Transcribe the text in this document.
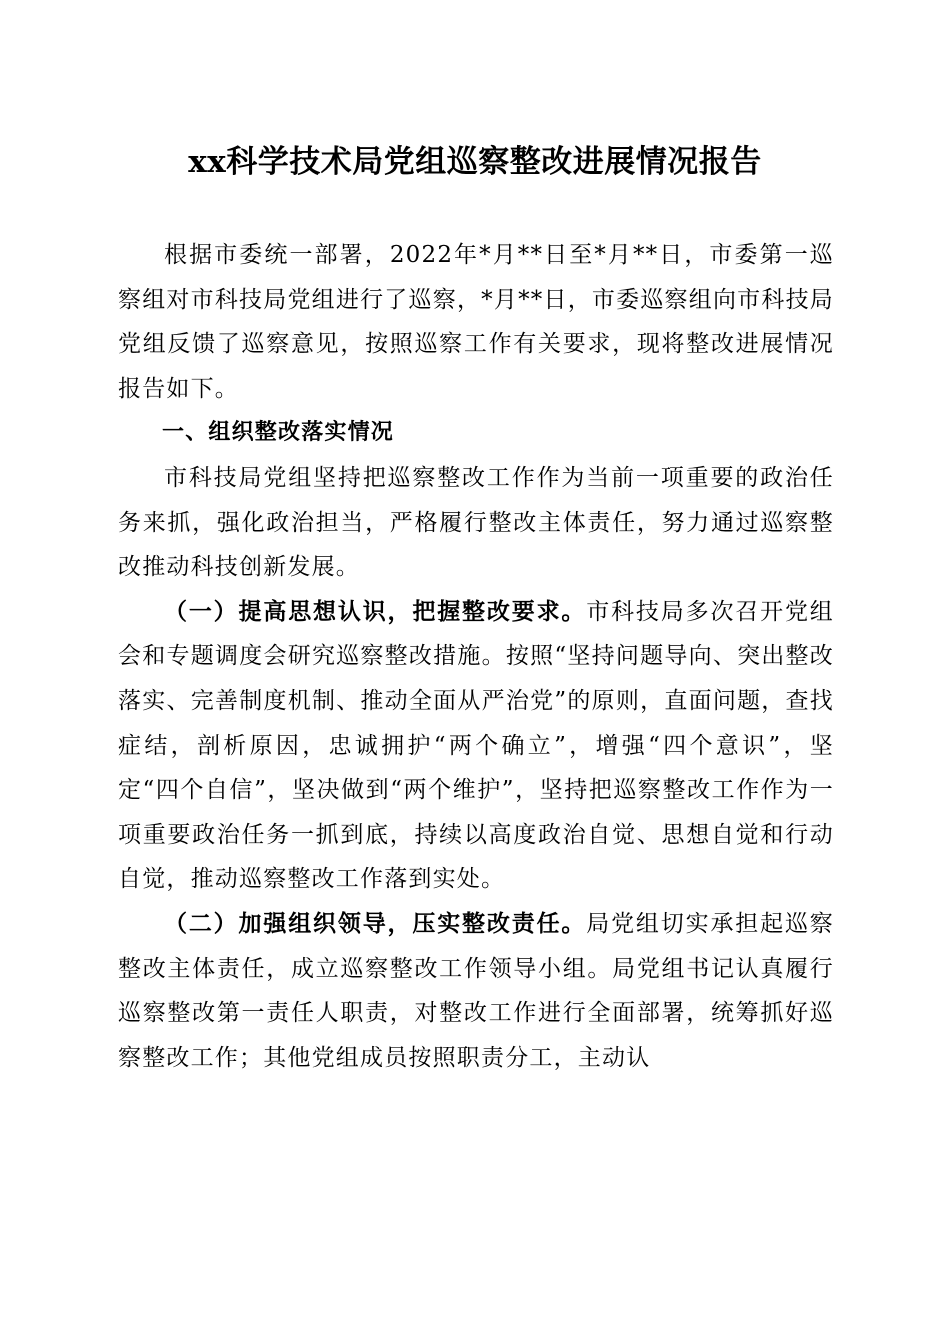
xx科学技术局党组巡察整改进展情况报告

根据市委统一部署，2022年*月**日至*月**日，市委第一巡察组对市科技局党组进行了巡察，*月**日，市委巡察组向市科技局党组反馈了巡察意见，按照巡察工作有关要求，现将整改进展情况报告如下。

一、组织整改落实情况

市科技局党组坚持把巡察整改工作作为当前一项重要的政治任务来抓，强化政治担当，严格履行整改主体责任，努力通过巡察整改推动科技创新发展。

（一）提高思想认识，把握整改要求。市科技局多次召开党组会和专题调度会研究巡察整改措施。按照“坚持问题导向、突出整改落实、完善制度机制、推动全面从严治党”的原则，直面问题，查找症结，剖析原因，忠诚拥护“两个确立”，增强“四个意识”，坚定“四个自信”，坚决做到“两个维护”，坚持把巡察整改工作作为一项重要政治任务一抓到底，持续以高度政治自觉、思想自觉和行动自觉，推动巡察整改工作落到实处。

（二）加强组织领导，压实整改责任。局党组切实承担起巡察整改主体责任，成立巡察整改工作领导小组。局党组书记认真履行巡察整改第一责任人职责，对整改工作进行全面部署，统筹抓好巡察整改工作；其他党组成员按照职责分工，主动认
